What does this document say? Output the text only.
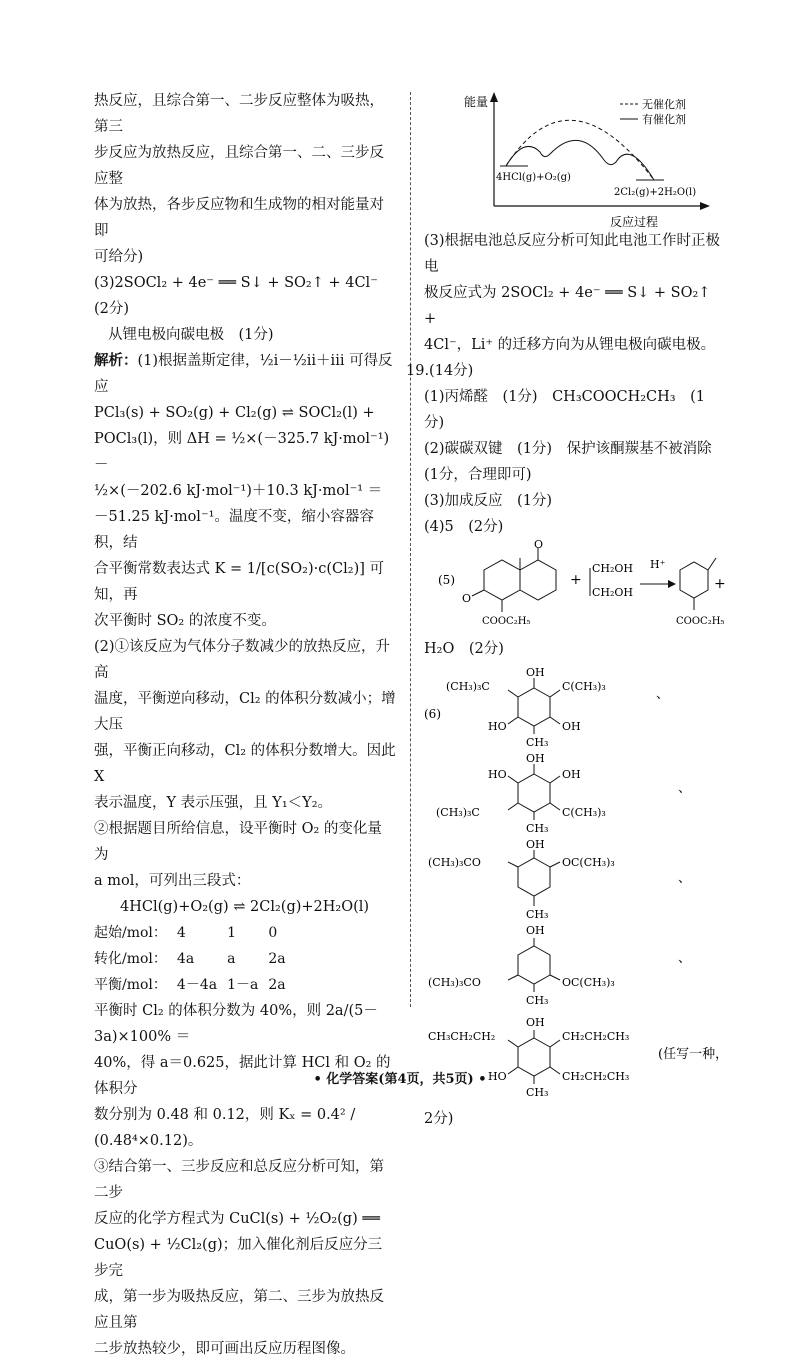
热反应，且综合第一、二步反应整体为吸热，第三

步反应为放热反应，且综合第一、二、三步反应整

体为放热，各步反应物和生成物的相对能量对即

可给分)

(3)2SOCl₂ + 4e⁻ ══ S↓ + SO₂↑ + 4Cl⁻　(2分)

从锂电极向碳电极　(1分)

解析：(1)根据盖斯定律，½i－½ii＋iii 可得反应

PCl₃(s) + SO₂(g) + Cl₂(g) ⇌ SOCl₂(l) +

POCl₃(l)，则 ΔH = ½×(－325.7 kJ·mol⁻¹)－

½×(－202.6 kJ·mol⁻¹)＋10.3 kJ·mol⁻¹ ＝

－51.25 kJ·mol⁻¹。温度不变，缩小容器容积，结

合平衡常数表达式 K = 1/[c(SO₂)·c(Cl₂)] 可知，再

次平衡时 SO₂ 的浓度不变。

(2)①该反应为气体分子数减少的放热反应，升高

温度，平衡逆向移动，Cl₂ 的体积分数减小；增大压

强，平衡正向移动，Cl₂ 的体积分数增大。因此 X

表示温度，Y 表示压强，且 Y₁＜Y₂。

②根据题目所给信息，设平衡时 O₂ 的变化量为

a mol，可列出三段式：

4HCl(g)+O₂(g) ⇌ 2Cl₂(g)+2H₂O(l)

起始/mol：	4	1	0
转化/mol：	4a	a	2a
平衡/mol：	4－4a	1－a	2a

平衡时 Cl₂ 的体积分数为 40%，则 2a/(5－3a)×100% ＝

40%，得 a＝0.625，据此计算 HCl 和 O₂ 的体积分

数分别为 0.48 和 0.12，则 Kₓ = 0.4² / (0.48⁴×0.12)。

③结合第一、三步反应和总反应分析可知，第二步

反应的化学方程式为 CuCl(s) + ½O₂(g) ══

CuO(s) + ½Cl₂(g)；加入催化剂后反应分三步完

成，第一步为吸热反应，第二、三步为放热反应且第

二步放热较少，即可画出反应历程图像。

能量
反应过程
无催化剂
有催化剂
4HCl(g)+O₂(g)
2Cl₂(g)+2H₂O(l)

(3)根据电池总反应分析可知此电池工作时正极电

极反应式为 2SOCl₂ + 4e⁻ ══ S↓ + SO₂↑ +

4Cl⁻，Li⁺ 的迁移方向为从锂电极向碳电极。

19.(14分)

(1)丙烯醛　(1分)　CH₃COOCH₂CH₃　(1分)

(2)碳碳双键　(1分)　保护该酮羰基不被消除

(1分，合理即可)

(3)加成反应　(1分)

(4)5　(2分)

(5)
O
O
COOC₂H₅
+
CH₂OH
CH₂OH
H⁺
COOC₂H₅
+

H₂O　(2分)

(6)
OH
(CH₃)₃C	C(CH₃)₃
HO	OH
CH₃
、
OH
HO	OH
(CH₃)₃C	C(CH₃)₃
CH₃
、
OH
(CH₃)₃CO	OC(CH₃)₃
CH₃
、
OH
(CH₃)₃CO	OC(CH₃)₃
CH₃
、
OH
CH₃CH₂CH₂	CH₂CH₂CH₃
HO	CH₂CH₂CH₃
CH₃
(任写一种，

2分)

• 化学答案(第4页，共5页) •
